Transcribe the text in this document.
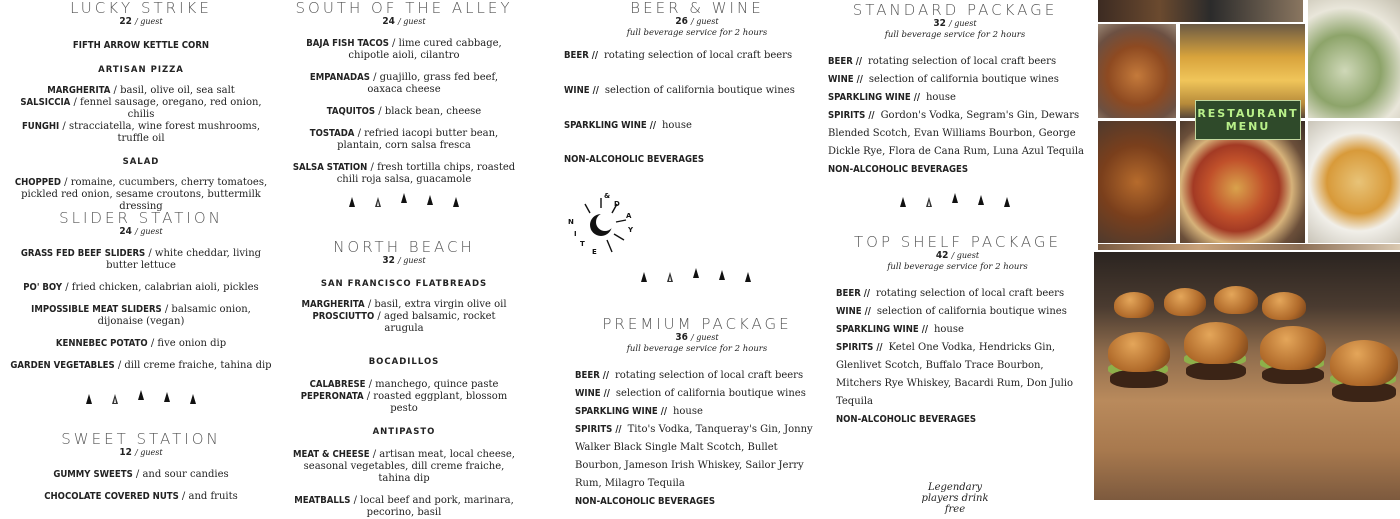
LUCKY STRIKE
22 / guest
FIFTH ARROW KETTLE CORN
ARTISAN PIZZA
MARGHERITA / basil, olive oil, sea salt
SALSICCIA / fennel sausage, oregano, red onion, chilis
FUNGHI / stracciatella, wine forest mushrooms, truffle oil
SALAD
CHOPPED / romaine, cucumbers, cherry tomatoes, pickled red onion, sesame croutons, buttermilk dressing
SLIDER STATION
24 / guest
GRASS FED BEEF SLIDERS / white cheddar, living butter lettuce
PO' BOY / fried chicken, calabrian aioli, pickles
IMPOSSIBLE MEAT SLIDERS / balsamic onion, dijonaise (vegan)
KENNEBEC POTATO / five onion dip
GARDEN VEGETABLES / dill creme fraiche, tahina dip
SWEET STATION
12 / guest
GUMMY SWEETS / and sour candies
CHOCOLATE COVERED NUTS / and fruits
SOUTH OF THE ALLEY
24 / guest
BAJA FISH TACOS / lime cured cabbage, chipotle aioli, cilantro
EMPANADAS / guajillo, grass fed beef, oaxaca cheese
TAQUITOS / black bean, cheese
TOSTADA / refried iacopi butter bean, plantain, corn salsa fresca
SALSA STATION / fresh tortilla chips, roasted chili roja salsa, guacamole
NORTH BEACH
32 / guest
SAN FRANCISCO FLATBREADS
MARGHERITA / basil, extra virgin olive oil
PROSCIUTTO / aged balsamic, rocket arugula
BOCADILLOS
CALABRESE / manchego, quince paste
PEPERONATA / roasted eggplant, blossom pesto
ANTIPASTO
MEAT & CHEESE / artisan meat, local cheese, seasonal vegetables, dill creme fraiche, tahina dip
MEATBALLS / local beef and pork, marinara, pecorino, basil
BEER & WINE
26 / guest
full beverage service for 2 hours
BEER // rotating selection of local craft beers
WINE // selection of california boutique wines
SPARKLING WINE // house
NON-ALCOHOLIC BEVERAGES
PREMIUM PACKAGE
36 / guest
full beverage service for 2 hours
BEER // rotating selection of local craft beers
WINE // selection of california boutique wines
SPARKLING WINE // house
SPIRITS // Tito's Vodka, Tanqueray's Gin, Jonny Walker Black Single Malt Scotch, Bullet Bourbon, Jameson Irish Whiskey, Sailor Jerry Rum, Milagro Tequila
NON-ALCOHOLIC BEVERAGES
N
I
T
E
&
D
A
Y
STANDARD PACKAGE
32 / guest
full beverage service for 2 hours
BEER // rotating selection of local craft beers
WINE // selection of california boutique wines
SPARKLING WINE // house
SPIRITS // Gordon's Vodka, Segram's Gin, Dewars Blended Scotch, Evan Williams Bourbon, George Dickle Rye, Flora de Cana Rum, Luna Azul Tequila
NON-ALCOHOLIC BEVERAGES
TOP SHELF PACKAGE
42 / guest
full beverage service for 2 hours
BEER // rotating selection of local craft beers
WINE // selection of california boutique wines
SPARKLING WINE // house
SPIRITS // Ketel One Vodka, Hendricks Gin, Glenlivet Scotch, Buffalo Trace Bourbon, Mitchers Rye Whiskey, Bacardi Rum, Don Julio Tequila
NON-ALCOHOLIC BEVERAGES
Legendary players drink free
RESTAURANT
MENU
